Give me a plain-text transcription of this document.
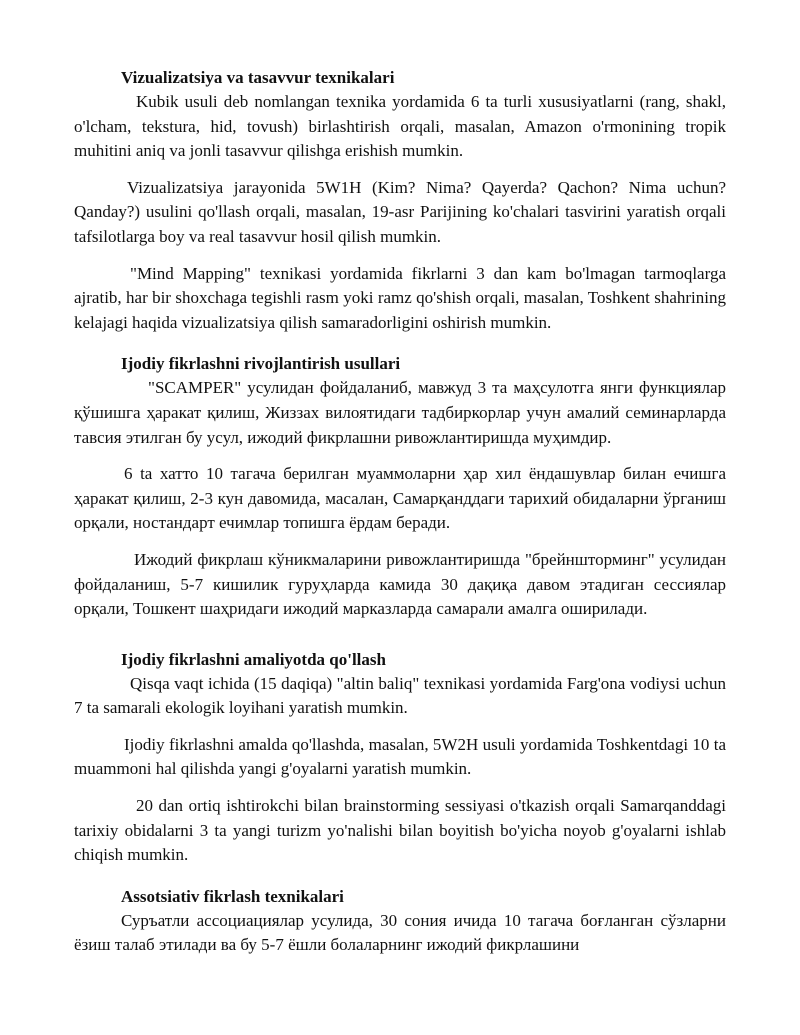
Vizualizatsiya va tasavvur texnikalari

Kubik usuli deb nomlangan texnika yordamida 6 ta turli xususiyatlarni (rang, shakl, o'lcham, tekstura, hid, tovush) birlashtirish orqali, masalan, Amazon o'rmonining tropik muhitini aniq va jonli tasavvur qilishga erishish mumkin.

Vizualizatsiya jarayonida 5W1H (Kim? Nima? Qayerda? Qachon? Nima uchun? Qanday?) usulini qo'llash orqali, masalan, 19-asr Parijining ko'chalari tasvirini yaratish orqali tafsilotlarga boy va real tasavvur hosil qilish mumkin.

"Mind Mapping" texnikasi yordamida fikrlarni 3 dan kam bo'lmagan tarmoqlarga ajratib, har bir shoxchaga tegishli rasm yoki ramz qo'shish orqali, masalan, Toshkent shahrining kelajagi haqida vizualizatsiya qilish samaradorligini oshirish mumkin.

Ijodiy fikrlashni rivojlantirish usullari

"SCAMPER" усулидан фойдаланиб, мавжуд 3 та маҳсулотга янги функциялар қўшишга ҳаракат қилиш, Жиззах вилоятидаги тадбиркорлар учун амалий семинарларда тавсия этилган бу усул, ижодий фикрлашни ривожлантиришда муҳимдир.

6 ta хатто 10 тагача берилган муаммоларни ҳар хил ёндашувлар билан ечишга ҳаракат қилиш, 2-3 кун давомида, масалан, Самарқанддаги тарихий обидаларни ўрганиш орқали, ностандарт ечимлар топишга ёрдам беради.

Ижодий фикрлаш кўникмаларини ривожлантиришда "брейншторминг" усулидан фойдаланиш, 5-7 кишилик гуруҳларда камида 30 дақиқа давом этадиган сессиялар орқали, Тошкент шаҳридаги ижодий марказларда самарали амалга оширилади.

Ijodiy fikrlashni amaliyotda qo'llash

Qisqa vaqt ichida (15 daqiqa) "altin baliq" texnikasi yordamida Farg'ona vodiysi uchun 7 ta samarali ekologik loyihani yaratish mumkin.

Ijodiy fikrlashni amalda qo'llashda, masalan, 5W2H usuli yordamida Toshkentdagi 10 ta muammoni hal qilishda yangi g'oyalarni yaratish mumkin.

20 dan ortiq ishtirokchi bilan brainstorming sessiyasi o'tkazish orqali Samarqanddagi tarixiy obidalarni 3 ta yangi turizm yo'nalishi bilan boyitish bo'yicha noyob g'oyalarni ishlab chiqish mumkin.

Assotsiativ fikrlash texnikalari

Суръатли ассоциациялар усулида, 30 сония ичида 10 тагача боғланган сўзларни ёзиш талаб этилади ва бу 5-7 ёшли болаларнинг ижодий фикрлашини
